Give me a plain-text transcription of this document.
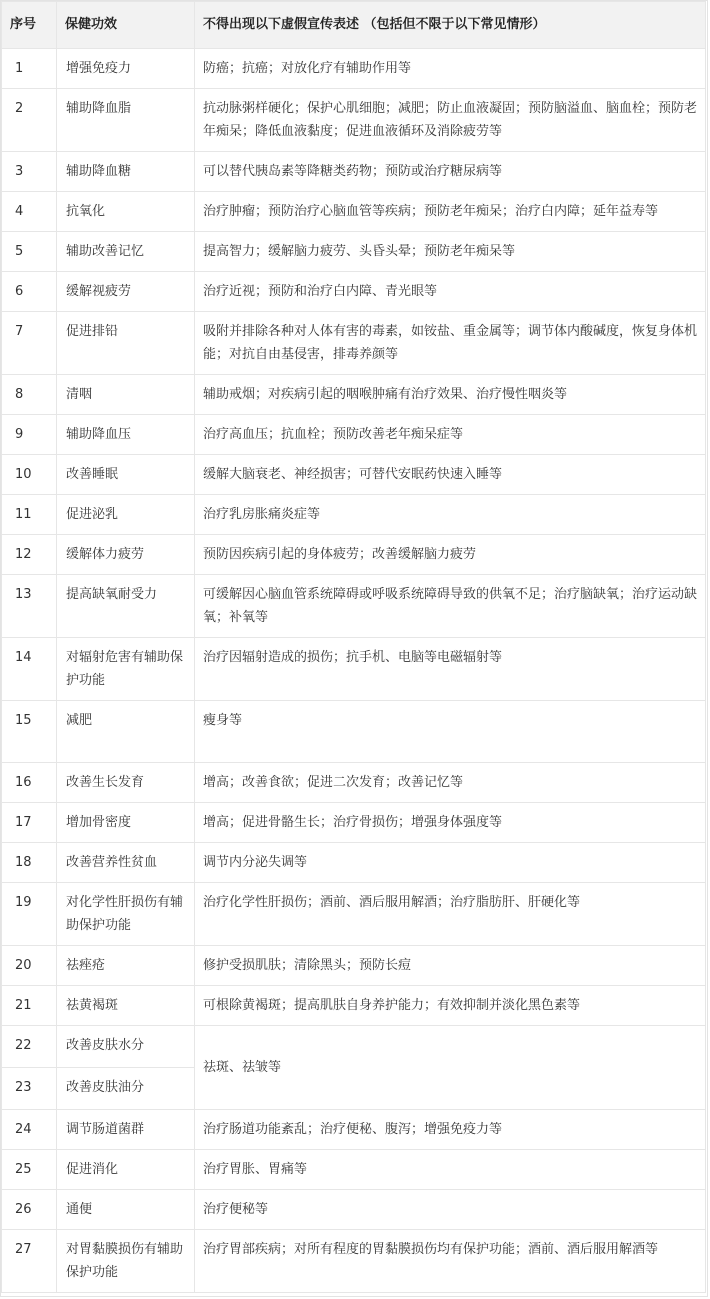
序号	保健功效	不得出现以下虚假宣传表述 （包括但不限于以下常见情形）
1	增强免疫力	防癌；抗癌；对放化疗有辅助作用等
2	辅助降血脂	抗动脉粥样硬化；保护心肌细胞；减肥；防止血液凝固；预防脑溢血、脑血栓；预防老年痴呆；降低血液黏度；促进血液循环及消除疲劳等
3	辅助降血糖	可以替代胰岛素等降糖类药物；预防或治疗糖尿病等
4	抗氧化	治疗肿瘤；预防治疗心脑血管等疾病；预防老年痴呆；治疗白内障；延年益寿等
5	辅助改善记忆	提高智力；缓解脑力疲劳、头昏头晕；预防老年痴呆等
6	缓解视疲劳	治疗近视；预防和治疗白内障、青光眼等
7	促进排铅	吸附并排除各种对人体有害的毒素，如铵盐、重金属等；调节体内酸碱度，恢复身体机能；对抗自由基侵害，排毒养颜等
8	清咽	辅助戒烟；对疾病引起的咽喉肿痛有治疗效果、治疗慢性咽炎等
9	辅助降血压	治疗高血压；抗血栓；预防改善老年痴呆症等
10	改善睡眠	缓解大脑衰老、神经损害；可替代安眠药快速入睡等
11	促进泌乳	治疗乳房胀痛炎症等
12	缓解体力疲劳	预防因疾病引起的身体疲劳；改善缓解脑力疲劳
13	提高缺氧耐受力	可缓解因心脑血管系统障碍或呼吸系统障碍导致的供氧不足；治疗脑缺氧；治疗运动缺氧；补氧等
14	对辐射危害有辅助保护功能	治疗因辐射造成的损伤；抗手机、电脑等电磁辐射等
15	减肥	瘦身等
16	改善生长发育	增高；改善食欲；促进二次发育；改善记忆等
17	增加骨密度	增高；促进骨骼生长；治疗骨损伤；增强身体强度等
18	改善营养性贫血	调节内分泌失调等
19	对化学性肝损伤有辅助保护功能	治疗化学性肝损伤；酒前、酒后服用解酒；治疗脂肪肝、肝硬化等
20	祛痤疮	修护受损肌肤；清除黑头；预防长痘
21	祛黄褐斑	可根除黄褐斑；提高肌肤自身养护能力；有效抑制并淡化黑色素等
22	改善皮肤水分	祛斑、祛皱等
23	改善皮肤油分	
24	调节肠道菌群	治疗肠道功能紊乱；治疗便秘、腹泻；增强免疫力等
25	促进消化	治疗胃胀、胃痛等
26	通便	治疗便秘等
27	对胃黏膜损伤有辅助保护功能	治疗胃部疾病；对所有程度的胃黏膜损伤均有保护功能；酒前、酒后服用解酒等
